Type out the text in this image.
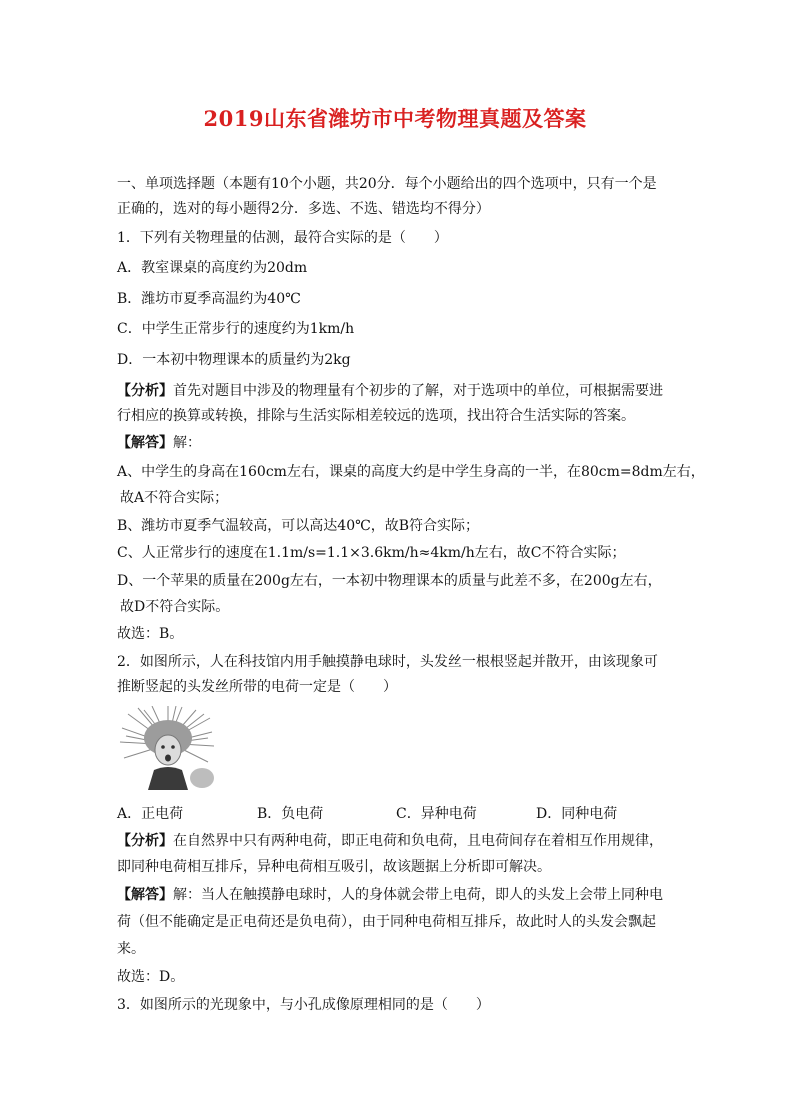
2019山东省潍坊市中考物理真题及答案
一、单项选择题（本题有10个小题，共20分．每个小题给出的四个选项中，只有一个是
正确的，选对的每小题得2分．多选、不选、错选均不得分）
1．下列有关物理量的估测，最符合实际的是（　　）
A．教室课桌的高度约为20dm
B．潍坊市夏季高温约为40℃
C．中学生正常步行的速度约为1km/h
D．一本初中物理课本的质量约为2kg
【分析】首先对题目中涉及的物理量有个初步的了解，对于选项中的单位，可根据需要进
行相应的换算或转换，排除与生活实际相差较远的选项，找出符合生活实际的答案。
【解答】解：
A、中学生的身高在160cm左右，课桌的高度大约是中学生身高的一半，在80cm=8dm左右，
故A不符合实际；
B、潍坊市夏季气温较高，可以高达40℃，故B符合实际；
C、人正常步行的速度在1.1m/s=1.1×3.6km/h≈4km/h左右，故C不符合实际；
D、一个苹果的质量在200g左右，一本初中物理课本的质量与此差不多，在200g左右，
故D不符合实际。
故选：B。
2．如图所示，人在科技馆内用手触摸静电球时，头发丝一根根竖起并散开，由该现象可
推断竖起的头发丝所带的电荷一定是（　　）
A．正电荷	B．负电荷	C．异种电荷	D．同种电荷
【分析】在自然界中只有两种电荷，即正电荷和负电荷，且电荷间存在着相互作用规律，
即同种电荷相互排斥，异种电荷相互吸引，故该题据上分析即可解决。
【解答】解：当人在触摸静电球时，人的身体就会带上电荷，即人的头发上会带上同种电
荷（但不能确定是正电荷还是负电荷），由于同种电荷相互排斥，故此时人的头发会飘起
来。
故选：D。
3．如图所示的光现象中，与小孔成像原理相同的是（　　）
